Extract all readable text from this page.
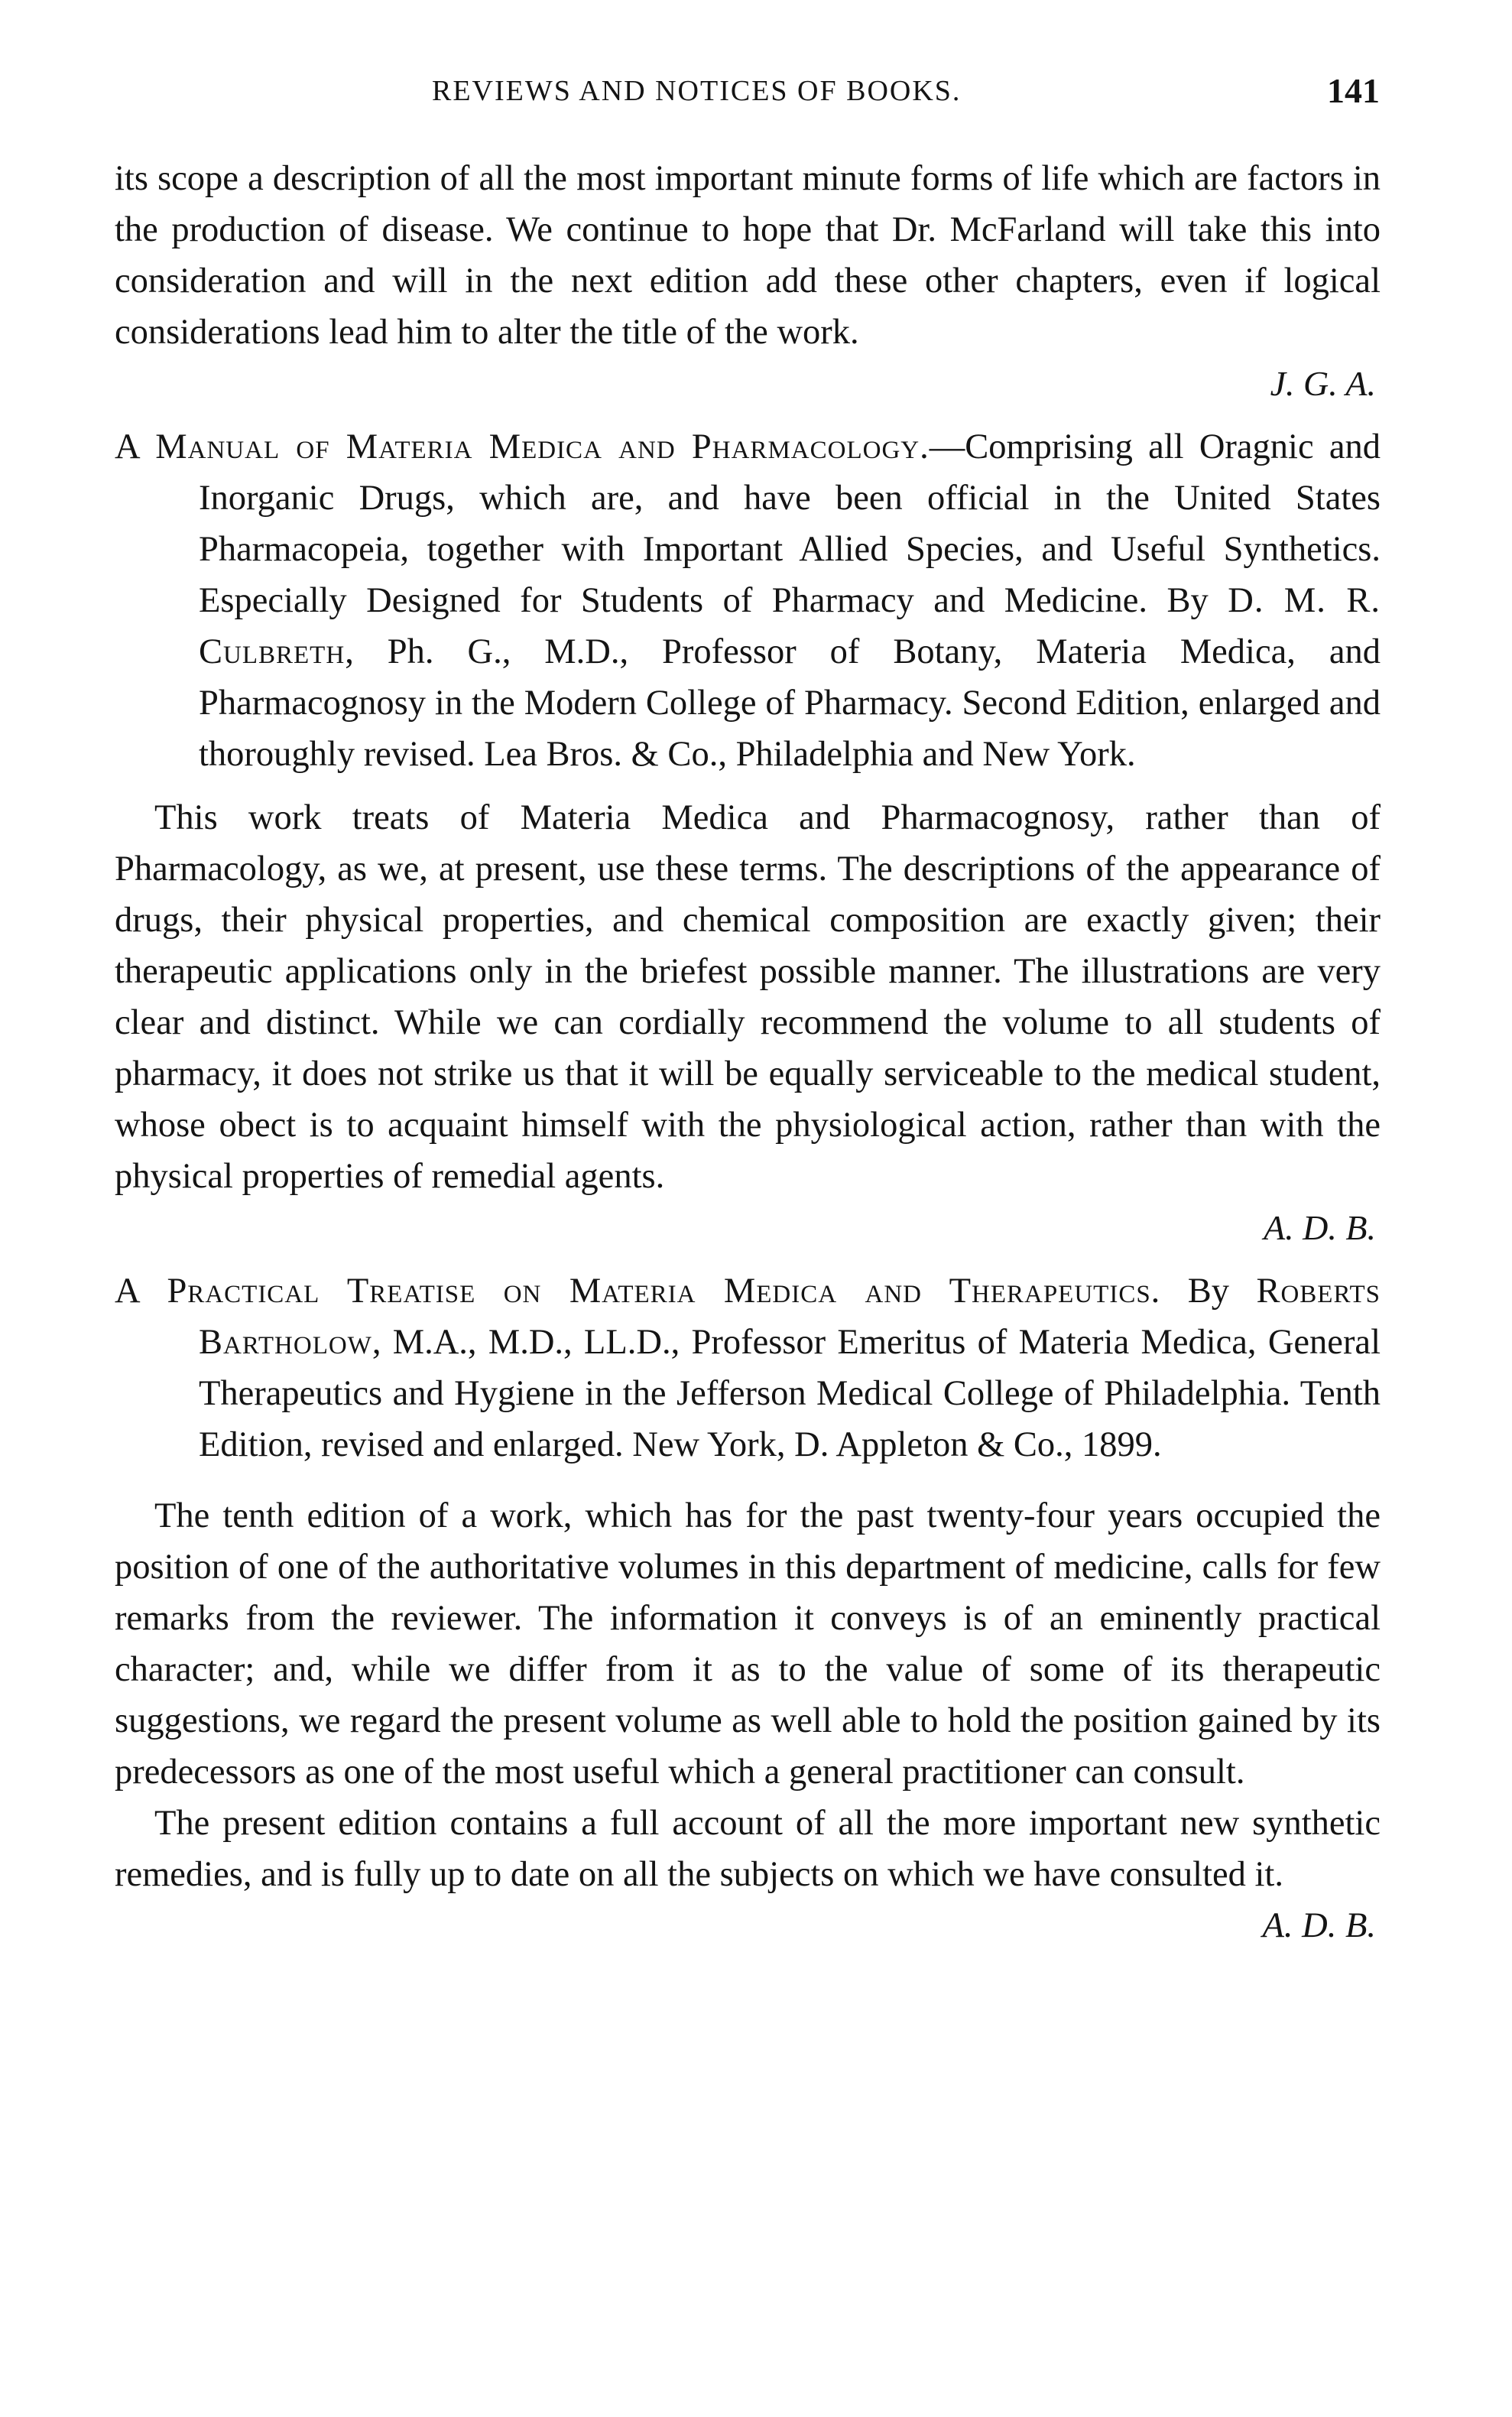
REVIEWS AND NOTICES OF BOOKS.	141

its scope a description of all the most important minute forms of life which are factors in the production of disease. We continue to hope that Dr. McFarland will take this into consideration and will in the next edition add these other chapters, even if logical considerations lead him to alter the title of the work.

J. G. A.
A Manual of Materia Medica and Pharmacology.—Comprising all Oragnic and Inorganic Drugs, which are, and have been official in the United States Pharmacopeia, together with Important Allied Species, and Useful Synthetics. Especially Designed for Students of Pharmacy and Medicine. By D. M. R. Culbreth, Ph. G., M.D., Professor of Botany, Materia Medica, and Pharmacognosy in the Modern College of Pharmacy. Second Edition, enlarged and thoroughly revised. Lea Bros. & Co., Philadelphia and New York.

This work treats of Materia Medica and Pharmacognosy, rather than of Pharmacology, as we, at present, use these terms. The descriptions of the appearance of drugs, their physical properties, and chemical composition are exactly given; their therapeutic applications only in the briefest possible manner. The illustrations are very clear and distinct. While we can cordially recommend the volume to all students of pharmacy, it does not strike us that it will be equally serviceable to the medical student, whose obect is to acquaint himself with the physiological action, rather than with the physical properties of remedial agents.

A. D. B.
A Practical Treatise on Materia Medica and Therapeutics. By Roberts Bartholow, M.A., M.D., LL.D., Professor Emeritus of Materia Medica, General Therapeutics and Hygiene in the Jefferson Medical College of Philadelphia. Tenth Edition, revised and enlarged. New York, D. Appleton & Co., 1899.

The tenth edition of a work, which has for the past twenty-four years occupied the position of one of the authoritative volumes in this department of medicine, calls for few remarks from the reviewer. The information it conveys is of an eminently practical character; and, while we differ from it as to the value of some of its therapeutic suggestions, we regard the present volume as well able to hold the position gained by its predecessors as one of the most useful which a general practitioner can consult.

The present edition contains a full account of all the more important new synthetic remedies, and is fully up to date on all the subjects on which we have consulted it.
A. D. B.
